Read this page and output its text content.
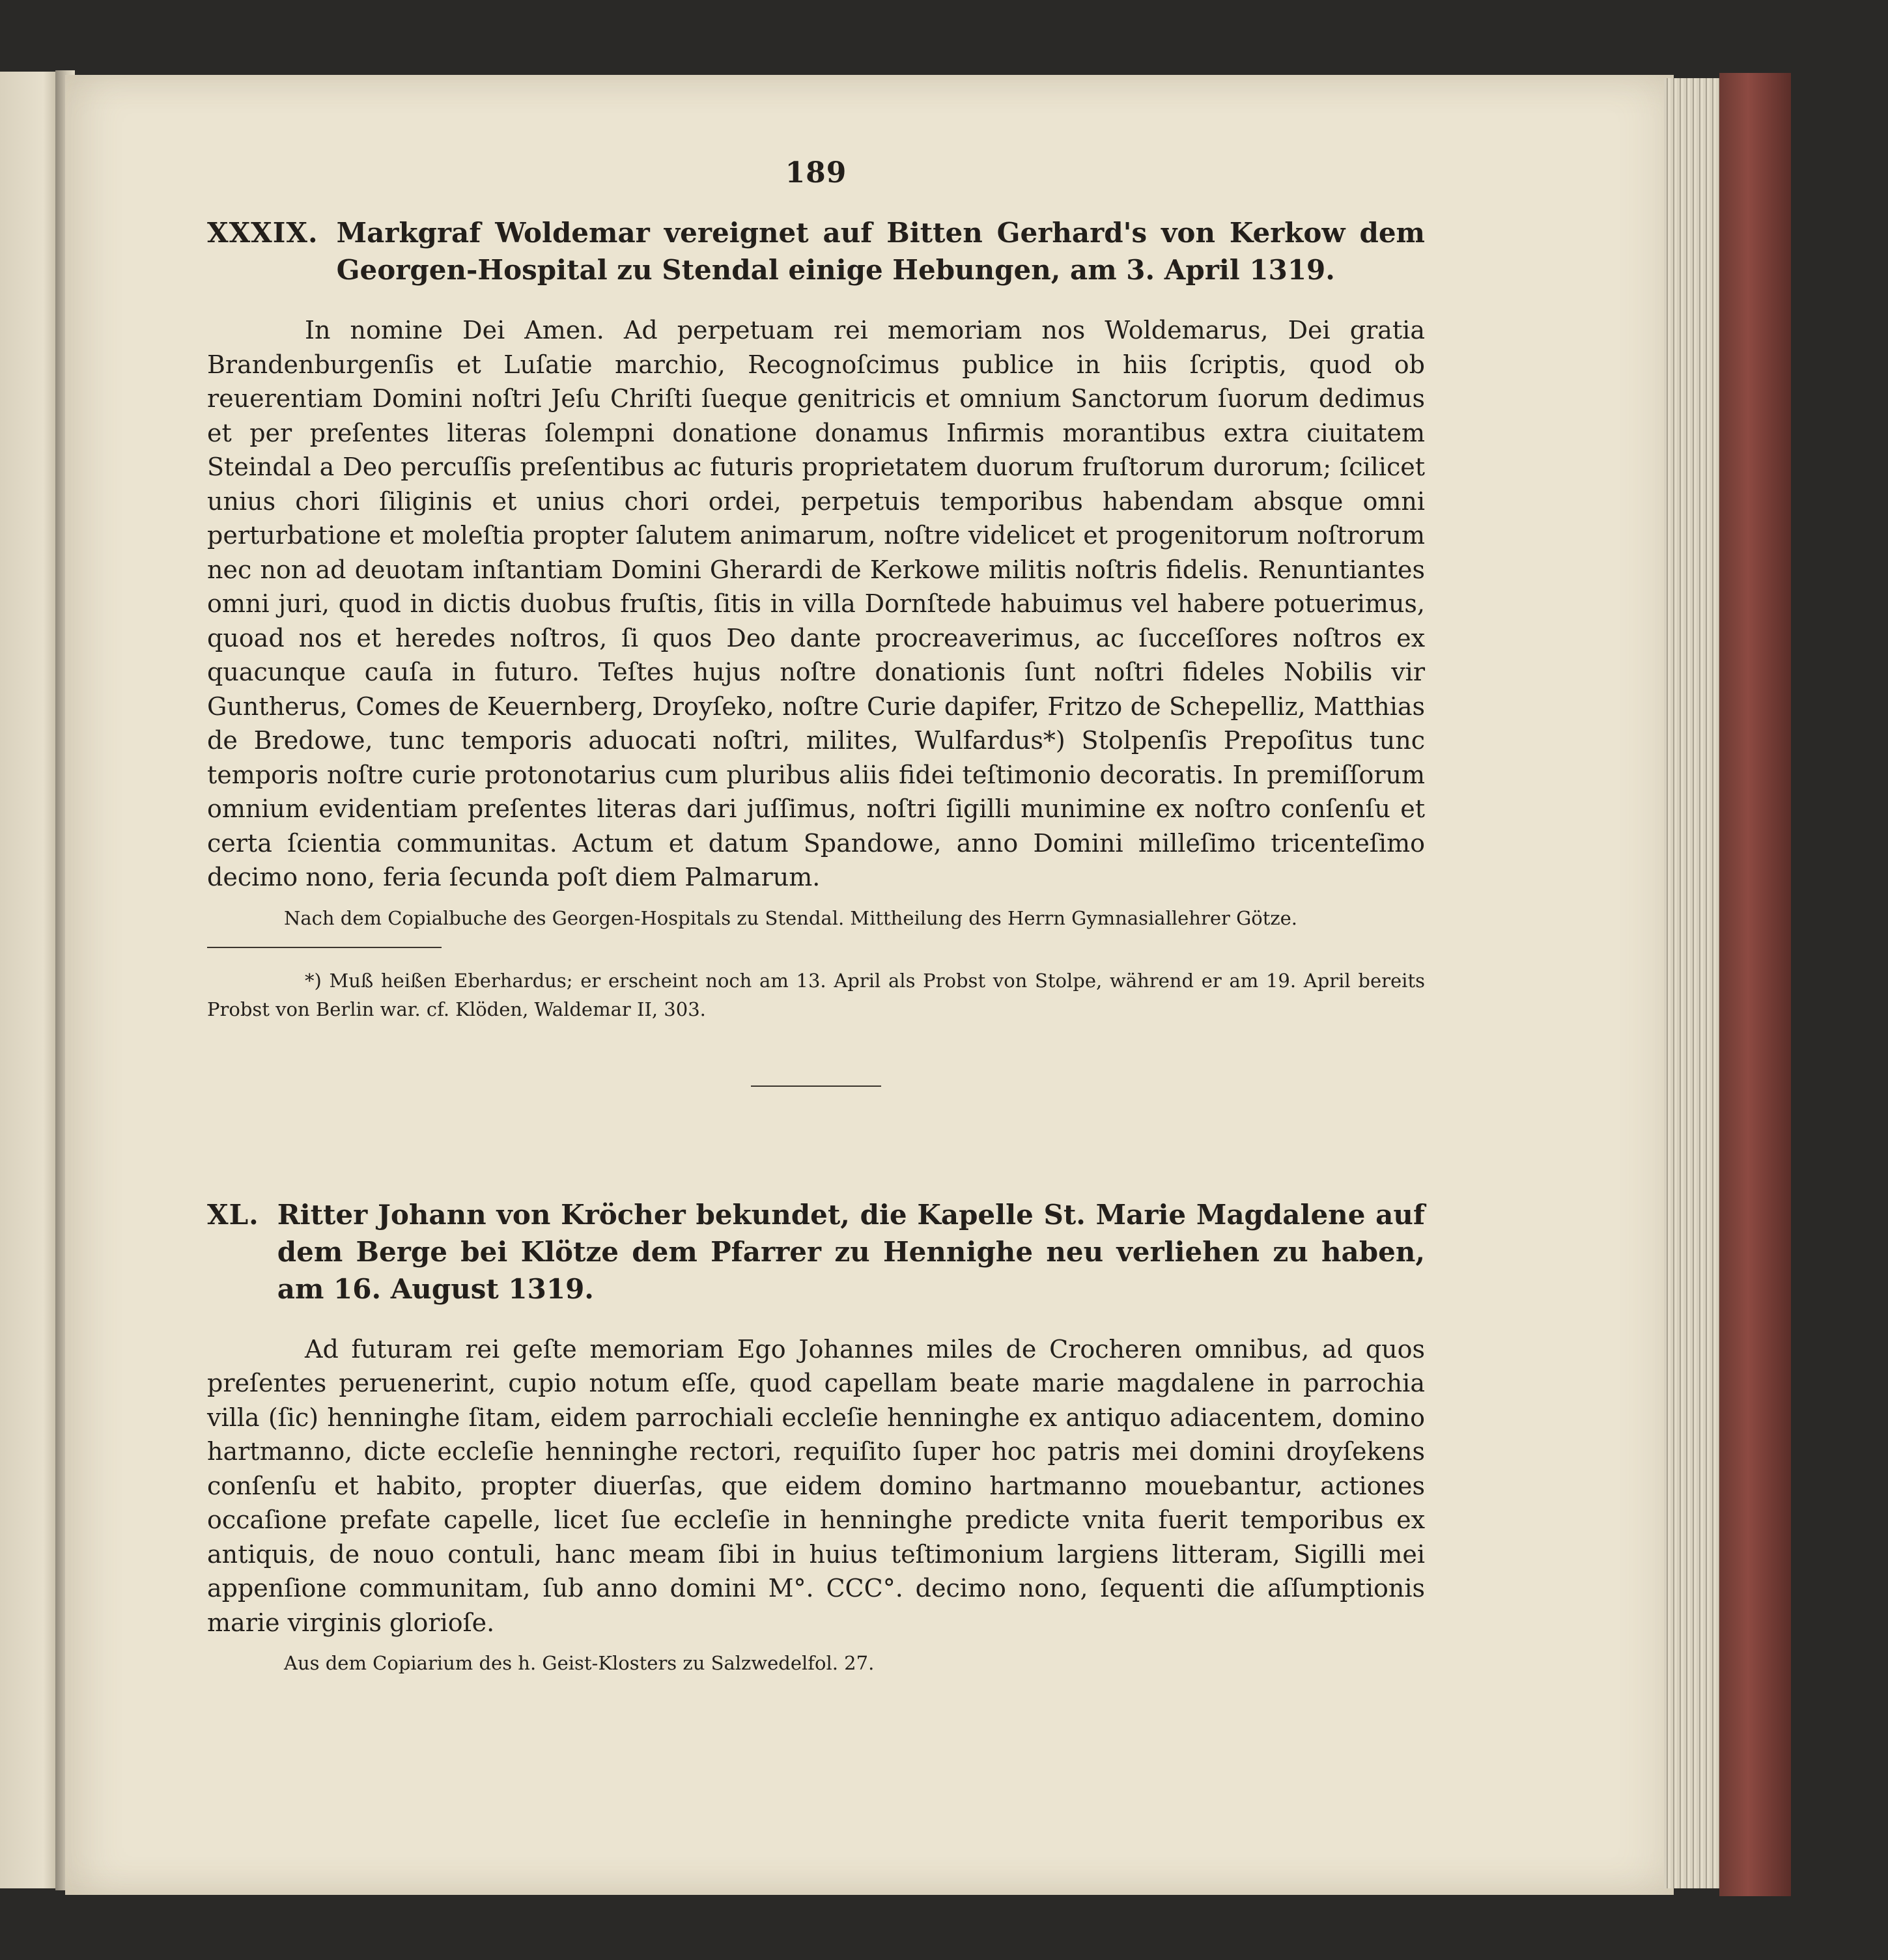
189
XXXIX. Markgraf Woldemar vereignet auf Bitten Gerhard's von Kerkow dem Georgen-Hospital zu Stendal einige Hebungen, am 3. April 1319.

In nomine Dei Amen. Ad perpetuam rei memoriam nos Woldemarus, Dei gratia Brandenburgenſis et Luſatie marchio, Recognoſcimus publice in hiis ſcriptis, quod ob reuerentiam Domini noſtri Jeſu Chriſti ſueque genitricis et omnium Sanctorum ſuorum dedimus et per preſentes literas ſolempni donatione donamus Infirmis morantibus extra ciuitatem Steindal a Deo percuſſis preſentibus ac futuris proprietatem duorum fruſtorum durorum; ſcilicet unius chori ſiliginis et unius chori ordei, perpetuis temporibus habendam absque omni perturbatione et moleſtia propter ſalutem animarum, noſtre videlicet et progenitorum noſtrorum nec non ad deuotam inſtantiam Domini Gherardi de Kerkowe militis noſtris fidelis. Renuntiantes omni juri, quod in dictis duobus fruſtis, ſitis in villa Dornſtede habuimus vel habere potuerimus, quoad nos et heredes noſtros, ſi quos Deo dante procreaverimus, ac ſucceſſores noſtros ex quacunque cauſa in futuro. Teſtes hujus noſtre donationis ſunt noſtri fideles Nobilis vir Guntherus, Comes de Keuernberg, Droyſeko, noſtre Curie dapifer, Fritzo de Schepelliz, Matthias de Bredowe, tunc temporis aduocati noſtri, milites, Wulfardus*) Stolpenſis Prepoſitus tunc temporis noſtre curie protonotarius cum pluribus aliis fidei teſtimonio decoratis. In premiſſorum omnium evidentiam preſentes literas dari juſſimus, noſtri ſigilli munimine ex noſtro conſenſu et certa ſcientia communitas. Actum et datum Spandowe, anno Domini milleſimo tricenteſimo decimo nono, feria ſecunda poſt diem Palmarum.

Nach dem Copialbuche des Georgen-Hospitals zu Stendal. Mittheilung des Herrn Gymnasiallehrer Götze.

*) Muß heißen Eberhardus; er erscheint noch am 13. April als Probst von Stolpe, während er am 19. April bereits Probst von Berlin war. cf. Klöden, Waldemar II, 303.

XL. Ritter Johann von Kröcher bekundet, die Kapelle St. Marie Magdalene auf dem Berge bei Klötze dem Pfarrer zu Hennighe neu verliehen zu haben, am 16. August 1319.

Ad futuram rei geſte memoriam Ego Johannes miles de Crocheren omnibus, ad quos preſentes peruenerint, cupio notum eſſe, quod capellam beate marie magdalene in parrochia villa (ſic) henninghe ſitam, eidem parrochiali eccleſie henninghe ex antiquo adiacentem, domino hartmanno, dicte eccleſie henninghe rectori, requiſito ſuper hoc patris mei domini droyſekens conſenſu et habito, propter diuerſas, que eidem domino hartmanno mouebantur, actiones occaſione prefate capelle, licet ſue eccleſie in henninghe predicte vnita fuerit temporibus ex antiquis, de nouo contuli, hanc meam ſibi in huius teſtimonium largiens litteram, Sigilli mei appenſione communitam, ſub anno domini M°. CCC°. decimo nono, ſequenti die aſſumptionis marie virginis glorioſe.

Aus dem Copiarium des h. Geist-Klosters zu Salzwedelfol. 27.
